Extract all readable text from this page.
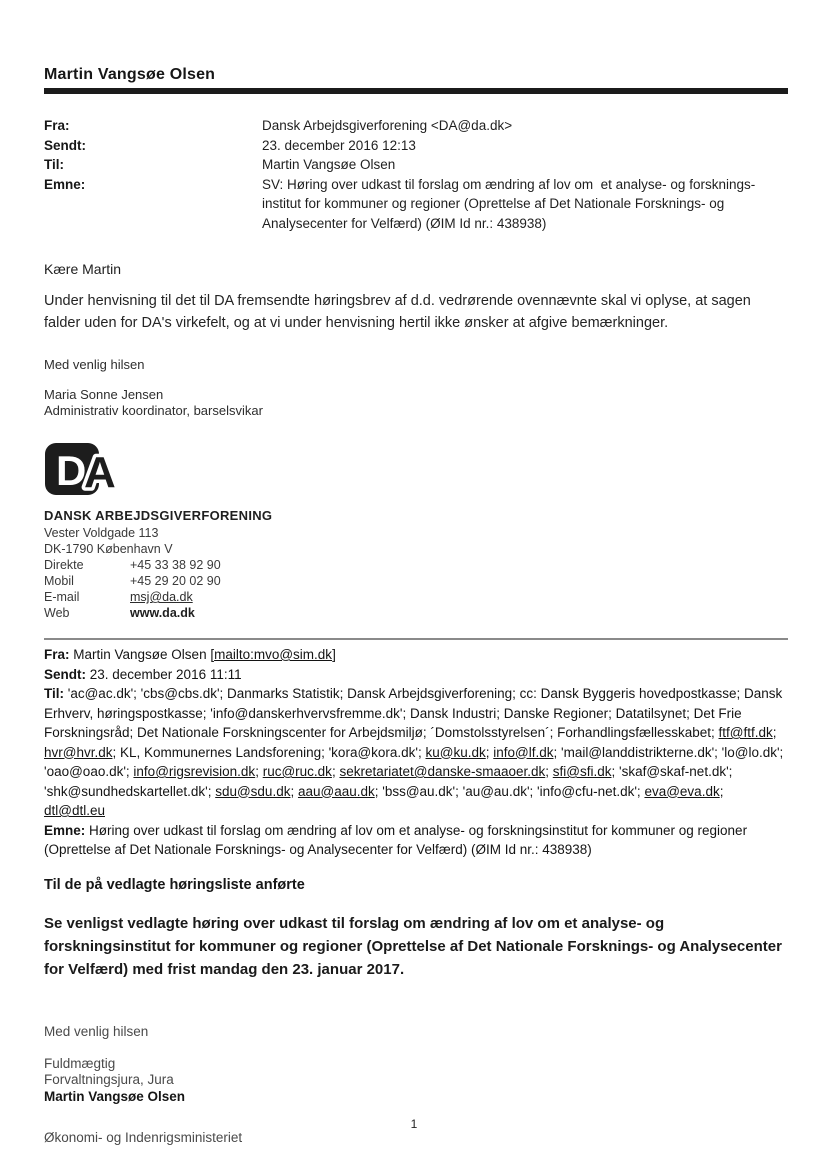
Martin Vangsøe Olsen
Fra:	Dansk Arbejdsgiverforening <DA@da.dk>
Sendt:	23. december 2016 12:13
Til:	Martin Vangsøe Olsen
Emne:	SV: Høring over udkast til forslag om ændring af lov om  et analyse- og forskningsinstitut for kommuner og regioner (Oprettelse af Det Nationale Forsknings- og Analysecenter for Velfærd) (ØIM Id nr.: 438938)

Kære Martin

Under henvisning til det til DA fremsendte høringsbrev af d.d. vedrørende ovennævnte skal vi oplyse, at sagen falder uden for DA's virkefelt, og at vi under henvisning hertil ikke ønsker at afgive bemærkninger.

Med venlig hilsen

Maria Sonne Jensen
Administrativ koordinator, barselsvikar

D
A
DANSK ARBEJDSGIVERFORENING
Vester Voldgade 113
DK-1790 København V
Direkte	+45 33 38 92 90
Mobil	+45 29 20 02 90
E-mail	msj@da.dk
Web	www.da.dk

Fra: Martin Vangsøe Olsen [mailto:mvo@sim.dk]

Sendt: 23. december 2016 11:11

Til: 'ac@ac.dk'; 'cbs@cbs.dk'; Danmarks Statistik; Dansk Arbejdsgiverforening; cc: Dansk Byggeris hovedpostkasse; Dansk Erhverv, høringspostkasse; 'info@danskerhvervsfremme.dk'; Dansk Industri; Danske Regioner; Datatilsynet; Det Frie Forskningsråd; Det Nationale Forskningscenter for Arbejdsmiljø; ´Domstolsstyrelsen´; Forhandlingsfællesskabet; ftf@ftf.dk; hvr@hvr.dk; KL, Kommunernes Landsforening; 'kora@kora.dk'; ku@ku.dk; info@lf.dk; 'mail@landdistrikterne.dk'; 'lo@lo.dk'; 'oao@oao.dk'; info@rigsrevision.dk; ruc@ruc.dk; sekretariatet@danske-smaaoer.dk; sfi@sfi.dk; 'skaf@skaf-net.dk'; 'shk@sundhedskartellet.dk'; sdu@sdu.dk; aau@aau.dk; 'bss@au.dk'; 'au@au.dk'; 'info@cfu-net.dk'; eva@eva.dk; dtl@dtl.eu

Emne: Høring over udkast til forslag om ændring af lov om et analyse- og forskningsinstitut for kommuner og regioner (Oprettelse af Det Nationale Forsknings- og Analysecenter for Velfærd) (ØIM Id nr.: 438938)

Til de på vedlagte høringsliste anførte

Se venligst vedlagte høring over udkast til forslag om ændring af lov om et analyse- og forskningsinstitut for kommuner og regioner (Oprettelse af Det Nationale Forsknings- og Analysecenter for Velfærd) med frist mandag den 23. januar 2017.

Med venlig hilsen

Fuldmægtig
Forvaltningsjura, Jura
Martin Vangsøe Olsen

Økonomi- og Indenrigsministeriet

1
